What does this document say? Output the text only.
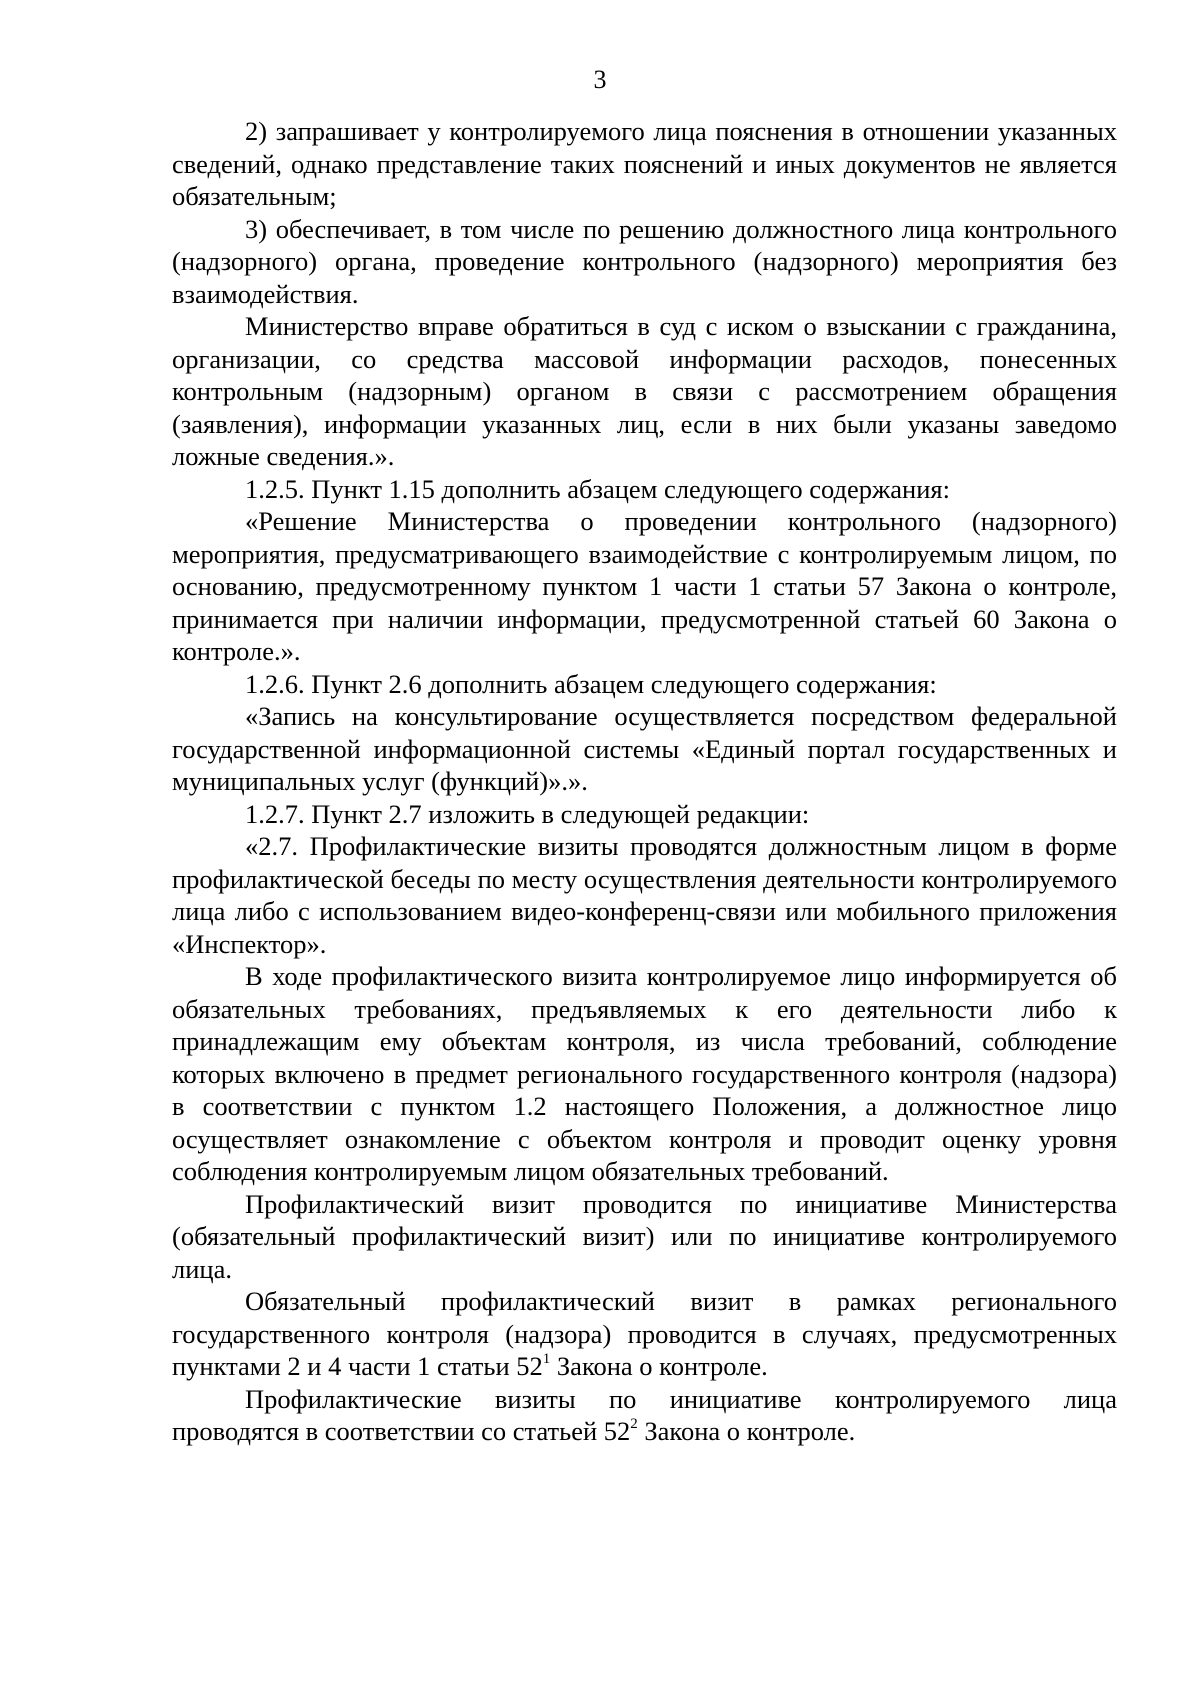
3

2) запрашивает у контролируемого лица пояснения в отношении указанных сведений, однако представление таких пояснений и иных документов не является обязательным;

3) обеспечивает, в том числе по решению должностного лица контрольного (надзорного) органа, проведение контрольного (надзорного) мероприятия без взаимодействия.

Министерство вправе обратиться в суд с иском о взыскании с гражданина, организации, со средства массовой информации расходов, понесенных контрольным (надзорным) органом в связи с рассмотрением обращения (заявления), информации указанных лиц, если в них были указаны заведомо ложные сведения.».

1.2.5. Пункт 1.15 дополнить абзацем следующего содержания:

«Решение Министерства о проведении контрольного (надзорного) мероприятия, предусматривающего взаимодействие с контролируемым лицом, по основанию, предусмотренному пунктом 1 части 1 статьи 57 Закона о контроле, принимается при наличии информации, предусмотренной статьей 60 Закона о контроле.».

1.2.6. Пункт 2.6 дополнить абзацем следующего содержания:

«Запись на консультирование осуществляется посредством федеральной государственной информационной системы «Единый портал государственных и муниципальных услуг (функций)».».

1.2.7. Пункт 2.7 изложить в следующей редакции:

«2.7. Профилактические визиты проводятся должностным лицом в форме профилактической беседы по месту осуществления деятельности контролируемого лица либо с использованием видео-конференц-связи или мобильного приложения «Инспектор».

В ходе профилактического визита контролируемое лицо информируется об обязательных требованиях, предъявляемых к его деятельности либо к принадлежащим ему объектам контроля, из числа требований, соблюдение которых включено в предмет регионального государственного контроля (надзора) в соответствии с пунктом 1.2 настоящего Положения, а должностное лицо осуществляет ознакомление с объектом контроля и проводит оценку уровня соблюдения контролируемым лицом обязательных требований.

Профилактический визит проводится по инициативе Министерства (обязательный профилактический визит) или по инициативе контролируемого лица.

Обязательный профилактический визит в рамках регионального государственного контроля (надзора) проводится в случаях, предусмотренных пунктами 2 и 4 части 1 статьи $52^1$ Закона о контроле.

Профилактические визиты по инициативе контролируемого лица проводятся в соответствии со статьей $52^2$ Закона о контроле.
